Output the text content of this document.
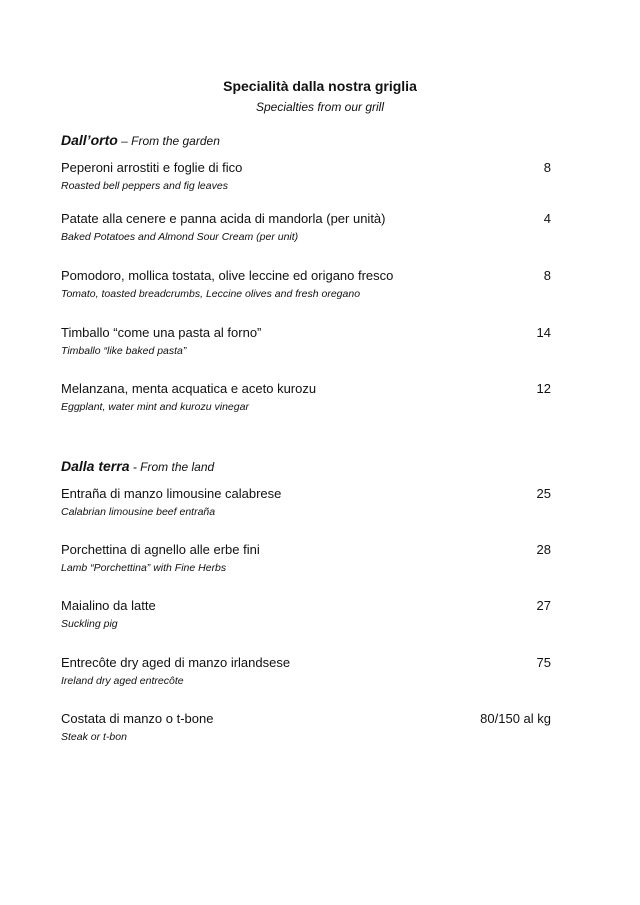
Specialità dalla nostra griglia
Specialties from our grill
Dall’orto – From the garden
Peperoni arrostiti e foglie di fico
Roasted bell peppers and fig leaves
8
Patate alla cenere e panna acida di mandorla (per unità)
Baked Potatoes and Almond Sour Cream (per unit)
4
Pomodoro, mollica tostata, olive leccine ed origano fresco
Tomato, toasted breadcrumbs, Leccine olives and fresh oregano
8
Timballo “come una pasta al forno”
Timballo “like baked pasta”
14
Melanzana, menta acquatica e aceto kurozu
Eggplant, water mint and kurozu vinegar
12
Dalla terra - From the land
Entraña di manzo limousine calabrese
Calabrian limousine beef entraña
25
Porchettina di agnello alle erbe fini
Lamb “Porchettina” with Fine Herbs
28
Maialino da latte
Suckling pig
27
Entrecôte dry aged di manzo irlandsese
Ireland dry aged entrecôte
75
Costata di manzo o t-bone
Steak or t-bon
80/150 al kg
